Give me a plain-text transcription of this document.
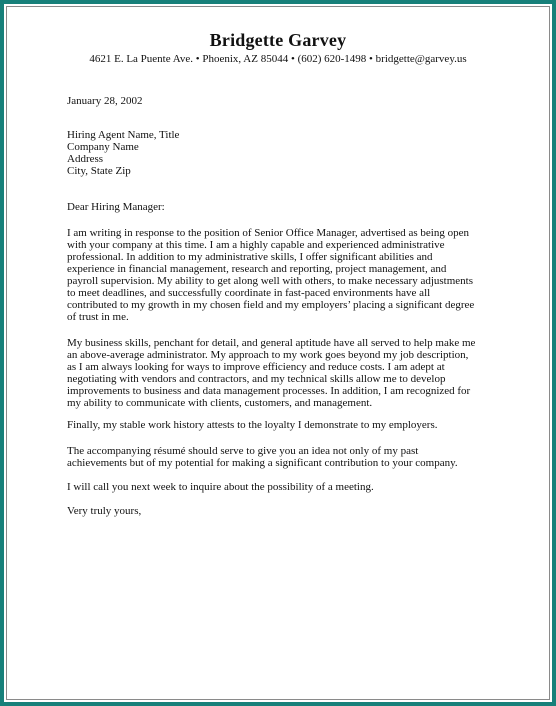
Bridgette Garvey
4621 E. La Puente Ave. • Phoenix, AZ 85044 • (602) 620-1498 • bridgette@garvey.us
January 28, 2002
Hiring Agent Name, Title
Company Name
Address
City, State Zip
Dear Hiring Manager:
I am writing in response to the position of Senior Office Manager, advertised as being open
with your company at this time. I am a highly capable and experienced administrative
professional. In addition to my administrative skills, I offer significant abilities and
experience in financial management, research and reporting, project management, and
payroll supervision. My ability to get along well with others, to make necessary adjustments
to meet deadlines, and successfully coordinate in fast-paced environments have all
contributed to my growth in my chosen field and my employers’ placing a significant degree
of trust in me.
My business skills, penchant for detail, and general aptitude have all served to help make me
an above-average administrator. My approach to my work goes beyond my job description,
as I am always looking for ways to improve efficiency and reduce costs. I am adept at
negotiating with vendors and contractors, and my technical skills allow me to develop
improvements to business and data management processes. In addition, I am recognized for
my ability to communicate with clients, customers, and management.
Finally, my stable work history attests to the loyalty I demonstrate to my employers.
The accompanying résumé should serve to give you an idea not only of my past
achievements but of my potential for making a significant contribution to your company.
I will call you next week to inquire about the possibility of a meeting.
Very truly yours,
